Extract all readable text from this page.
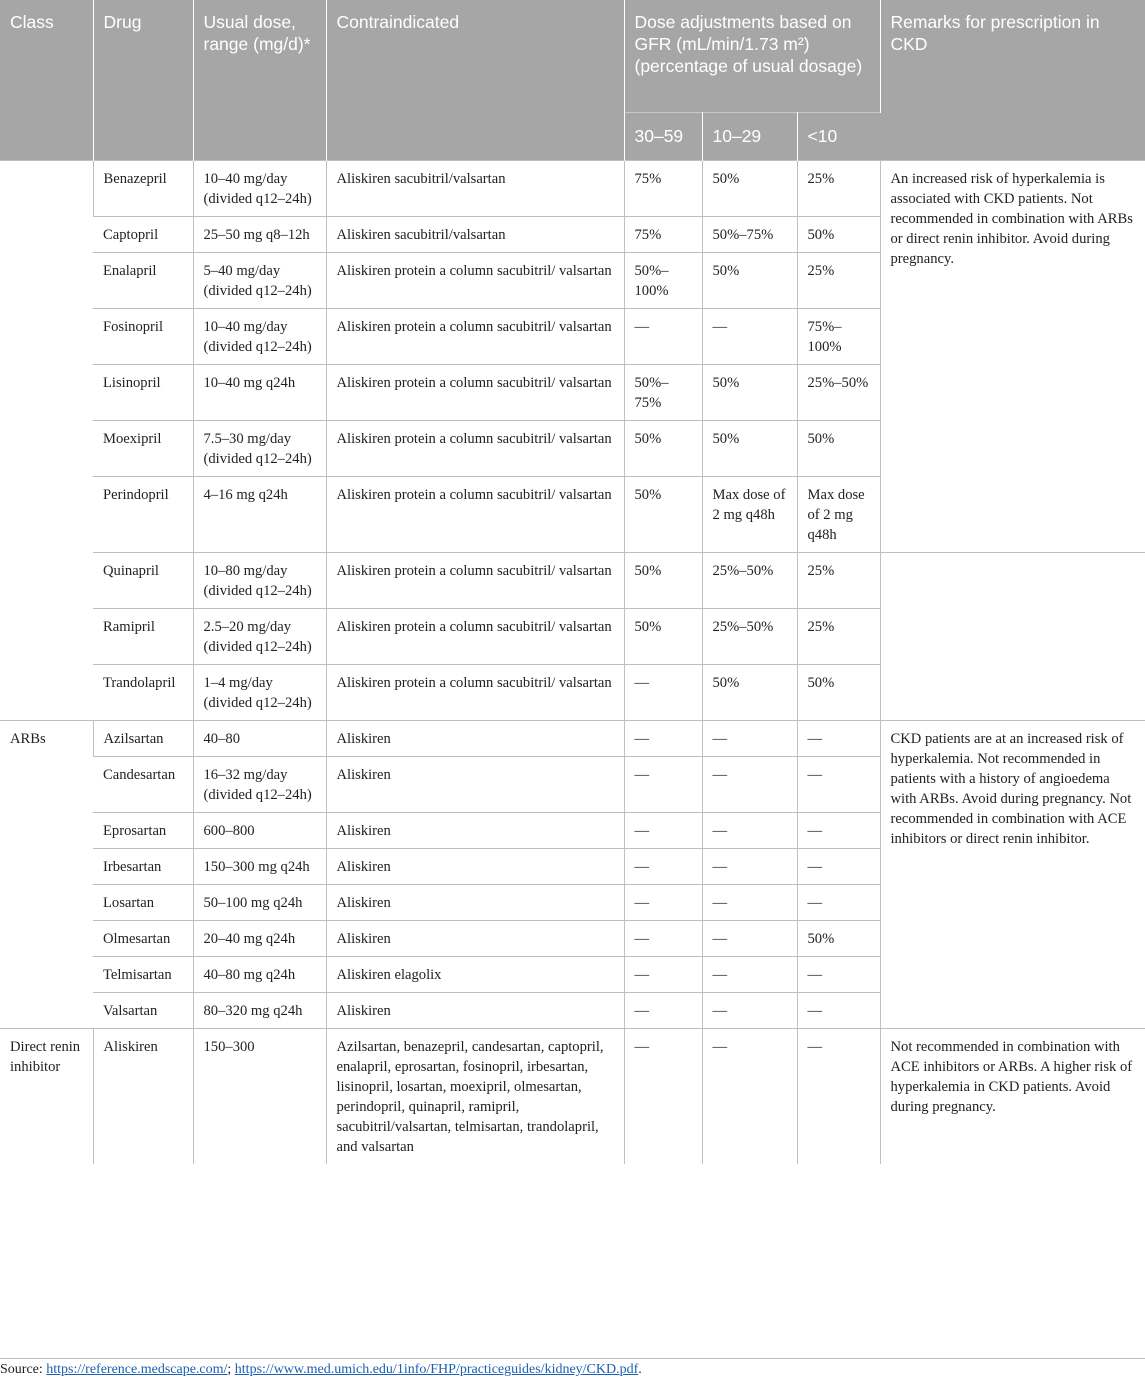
Class	Drug	Usual dose, range (mg/d)*	Contraindicated	Dose adjustments based on GFR (mL/min/1.73 m²) (percentage of usual dosage)			Remarks for prescription in CKD
				30–59	10–29	<10	
	Benazepril	10–40 mg/day (divided q12–24h)	Aliskiren sacubitril/valsartan	75%	50%	25%	An increased risk of hyperkalemia is associated with CKD patients. Not recommended in combination with ARBs or direct renin inhibitor. Avoid during pregnancy.
	Captopril	25–50 mg q8–12h	Aliskiren sacubitril/valsartan	75%	50%–75%	50%	
	Enalapril	5–40 mg/day (divided q12–24h)	Aliskiren protein a column sacubitril/ valsartan	50%–100%	50%	25%	
	Fosinopril	10–40 mg/day (divided q12–24h)	Aliskiren protein a column sacubitril/ valsartan	—	—	75%–100%	
	Lisinopril	10–40 mg q24h	Aliskiren protein a column sacubitril/ valsartan	50%–75%	50%	25%–50%	
	Moexipril	7.5–30 mg/day (divided q12–24h)	Aliskiren protein a column sacubitril/ valsartan	50%	50%	50%	
	Perindopril	4–16 mg q24h	Aliskiren protein a column sacubitril/ valsartan	50%	Max dose of 2 mg q48h	Max dose of 2 mg q48h	
	Quinapril	10–80 mg/day (divided q12–24h)	Aliskiren protein a column sacubitril/ valsartan	50%	25%–50%	25%	
	Ramipril	2.5–20 mg/day (divided q12–24h)	Aliskiren protein a column sacubitril/ valsartan	50%	25%–50%	25%	
	Trandolapril	1–4 mg/day (divided q12–24h)	Aliskiren protein a column sacubitril/ valsartan	—	50%	50%	
ARBs	Azilsartan	40–80	Aliskiren	—	—	—	CKD patients are at an increased risk of hyperkalemia. Not recommended in patients with a history of angioedema with ARBs. Avoid during pregnancy. Not recommended in combination with ACE inhibitors or direct renin inhibitor.
	Candesartan	16–32 mg/day (divided q12–24h)	Aliskiren	—	—	—	
	Eprosartan	600–800	Aliskiren	—	—	—	
	Irbesartan	150–300 mg q24h	Aliskiren	—	—	—	
	Losartan	50–100 mg q24h	Aliskiren	—	—	—	
	Olmesartan	20–40 mg q24h	Aliskiren	—	—	50%	
	Telmisartan	40–80 mg q24h	Aliskiren elagolix	—	—	—	
	Valsartan	80–320 mg q24h	Aliskiren	—	—	—	
Direct renin inhibitor	Aliskiren	150–300	Azilsartan, benazepril, candesartan, captopril, enalapril, eprosartan, fosinopril, irbesartan, lisinopril, losartan, moexipril, olmesartan, perindopril, quinapril, ramipril, sacubitril/valsartan, telmisartan, trandolapril, and valsartan	—	—	—	Not recommended in combination with ACE inhibitors or ARBs. A higher risk of hyperkalemia in CKD patients. Avoid during pregnancy.
Source: https://reference.medscape.com/; https://www.med.umich.edu/1info/FHP/practiceguides/kidney/CKD.pdf.
